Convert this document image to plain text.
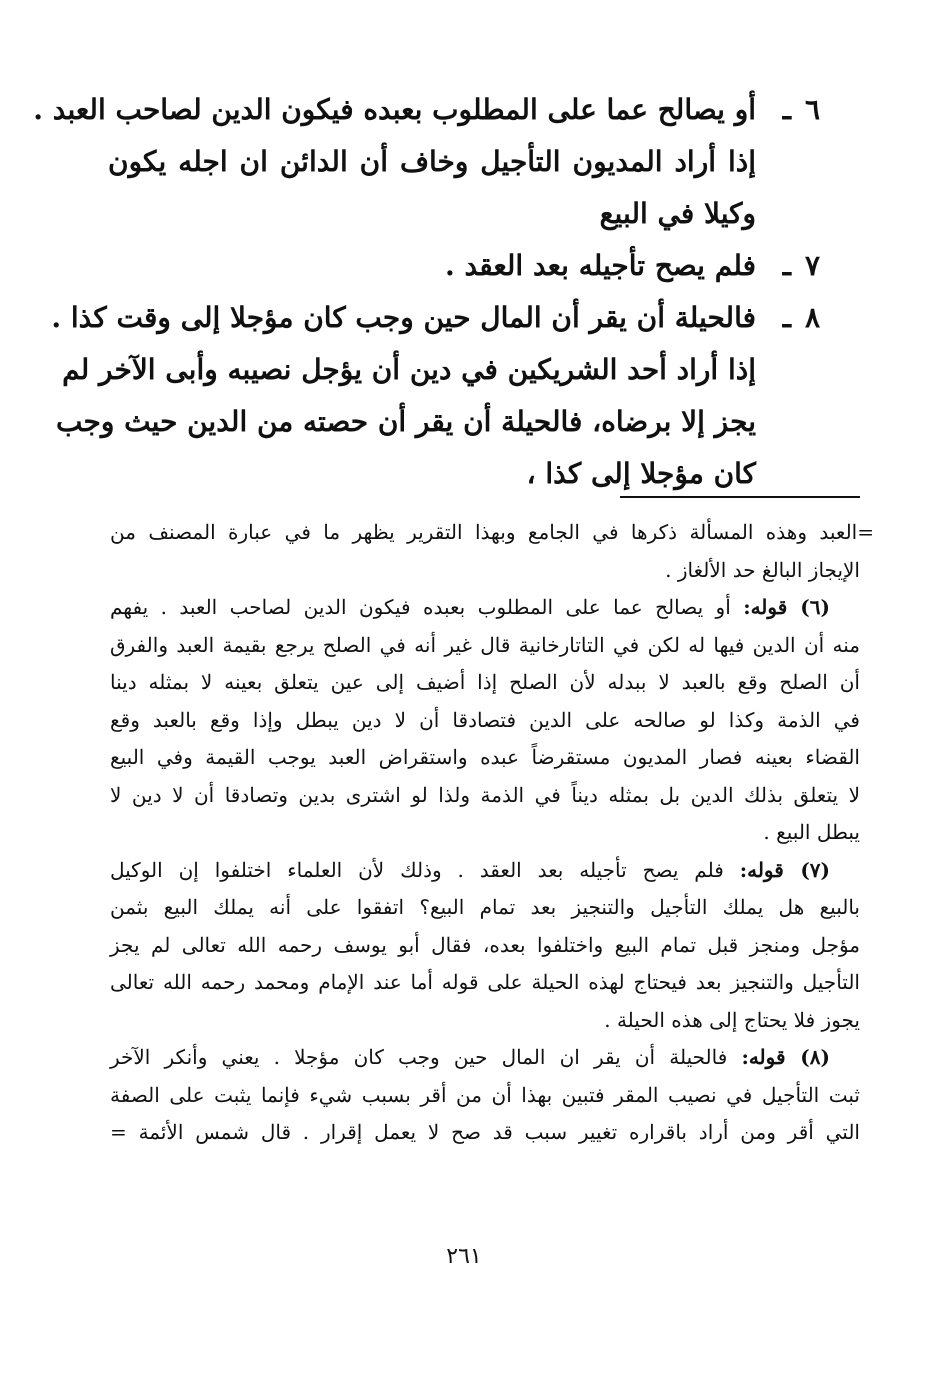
٦ـ
أو يصالح عما على المطلوب بعبده فيكون الدين لصاحب العبد .
إذا أراد المديون التأجيل وخاف أن الدائن ان اجله يكون
وكيلا في البيع
٧ـ
فلم يصح تأجيله بعد العقد .
٨ـ
فالحيلة أن يقر أن المال حين وجب كان مؤجلا إلى وقت كذا .
إذا أراد أحد الشريكين في دين أن يؤجل نصيبه وأبى الآخر لم
يجز إلا برضاه، فالحيلة أن يقر أن حصته من الدين حيث وجب
كان مؤجلا إلى كذا ،
=العبد وهذه المسألة ذكرها في الجامع وبهذا التقرير يظهر ما في عبارة المصنف من
الإيجاز البالغ حد الألغاز .
(٦) قوله: أو يصالح عما على المطلوب بعبده فيكون الدين لصاحب العبد . يفهم
منه أن الدين فيها له لكن في التاتارخانية قال غير أنه في الصلح يرجع بقيمة العبد والفرق
أن الصلح وقع بالعبد لا ببدله لأن الصلح إذا أضيف إلى عين يتعلق بعينه لا بمثله دينا
في الذمة وكذا لو صالحه على الدين فتصادقا أن لا دين يبطل وإذا وقع بالعبد وقع
القضاء بعينه فصار المديون مستقرضاً عبده واستقراض العبد يوجب القيمة وفي البيع
لا يتعلق بذلك الدين بل بمثله ديناً في الذمة ولذا لو اشترى بدين وتصادقا أن لا دين لا
يبطل البيع .
(٧) قوله: فلم يصح تأجيله بعد العقد . وذلك لأن العلماء اختلفوا إن الوكيل
بالبيع هل يملك التأجيل والتنجيز بعد تمام البيع؟ اتفقوا على أنه يملك البيع بثمن
مؤجل ومنجز قبل تمام البيع واختلفوا بعده، فقال أبو يوسف رحمه الله تعالى لم يجز
التأجيل والتنجيز بعد فيحتاج لهذه الحيلة على قوله أما عند الإمام ومحمد رحمه الله تعالى
يجوز فلا يحتاج إلى هذه الحيلة .
(٨) قوله: فالحيلة أن يقر ان المال حين وجب كان مؤجلا . يعني وأنكر الآخر
ثبت التأجيل في نصيب المقر فتبين بهذا أن من أقر بسبب شيء فإنما يثبت على الصفة
التي أقر ومن أراد باقراره تغيير سبب قد صح لا يعمل إقرار . قال شمس الأئمة =
٢٦١
